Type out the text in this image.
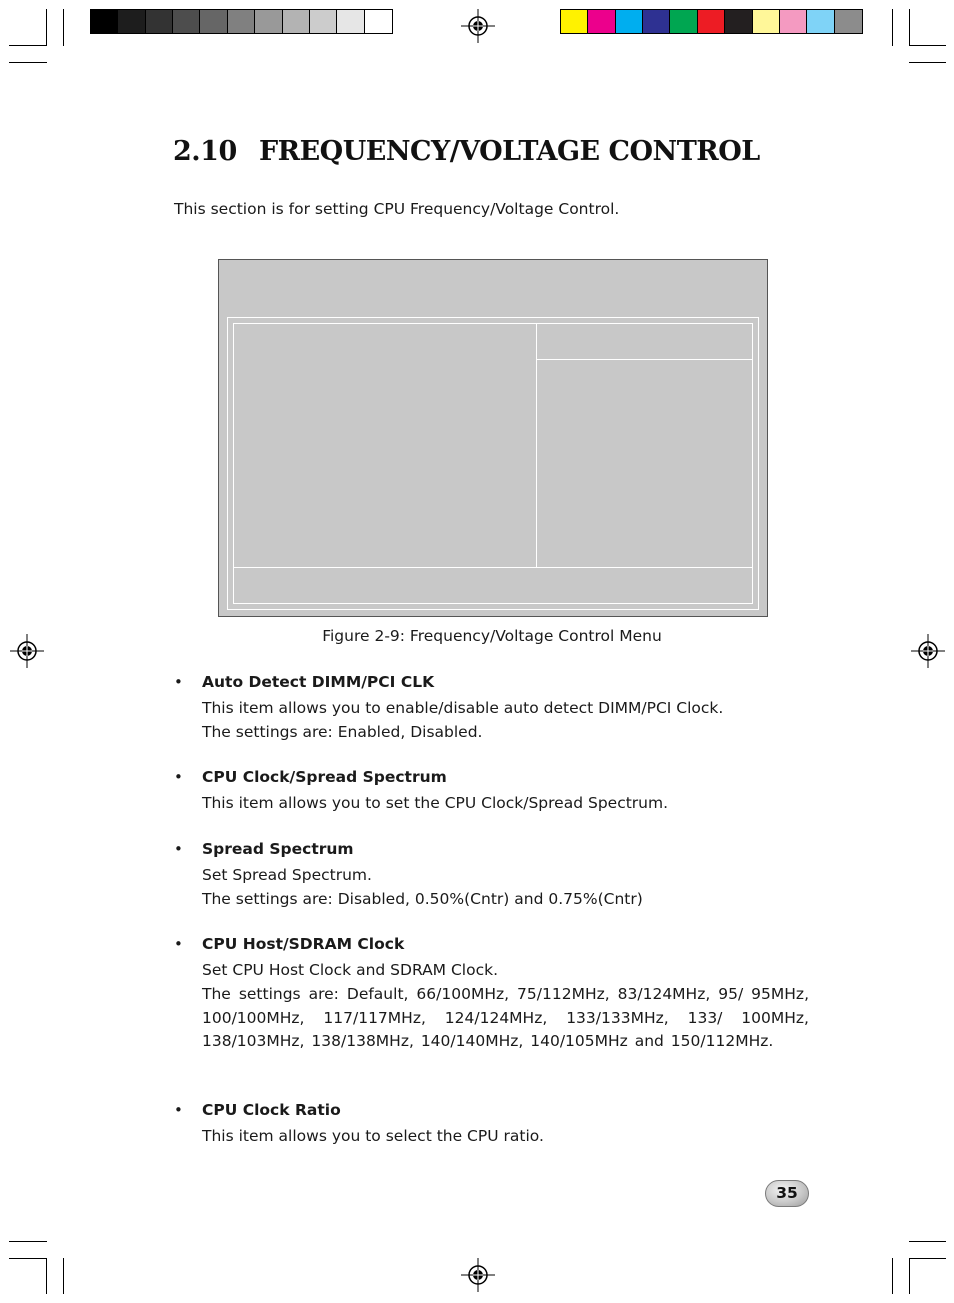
2.10 FREQUENCY/VOLTAGE CONTROL
This section is for setting CPU Frequency/Voltage Control.
Figure 2-9: Frequency/Voltage Control Menu
• Auto Detect DIMM/PCI CLK

This item allows you to enable/disable auto detect DIMM/PCI Clock.

The settings are: Enabled, Disabled.

• CPU Clock/Spread Spectrum

This item allows you to set the CPU Clock/Spread Spectrum.

• Spread Spectrum

Set Spread Spectrum.

The settings are: Disabled, 0.50%(Cntr) and 0.75%(Cntr)

• CPU Host/SDRAM Clock

Set CPU Host Clock and SDRAM Clock.

The settings are: Default, 66/100MHz, 75/112MHz, 83/124MHz, 95/ 95MHz, 100/100MHz, 117/117MHz, 124/124MHz, 133/133MHz, 133/ 100MHz, 138/103MHz, 138/138MHz, 140/140MHz, 140/105MHz and 150/112MHz.

• CPU Clock Ratio

This item allows you to select the CPU ratio.

35
